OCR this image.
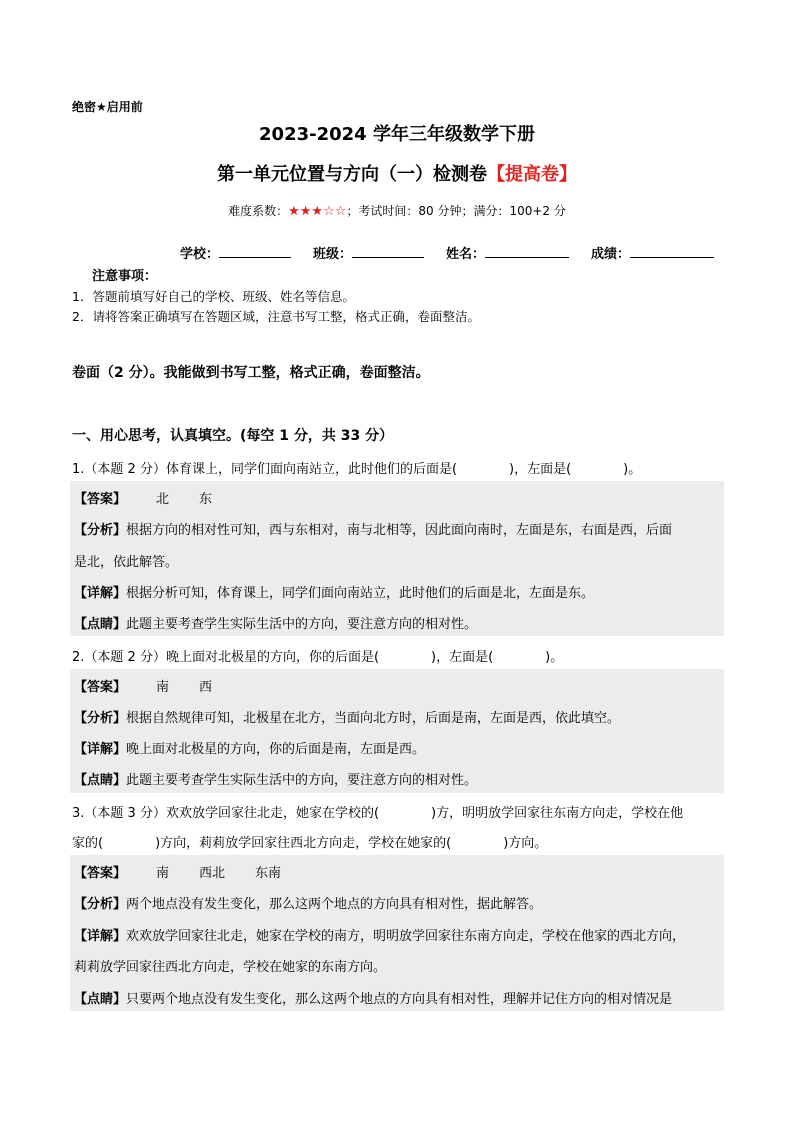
绝密★启用前
2023-2024 学年三年级数学下册
第一单元位置与方向（一）检测卷【提高卷】
难度系数：★★★☆☆；考试时间：80 分钟；满分：100+2 分
学校：	班级：	姓名：	成绩：
注意事项：
1．答题前填写好自己的学校、班级、姓名等信息。
2．请将答案正确填写在答题区域，注意书写工整，格式正确，卷面整洁。
卷面（2 分）。我能做到书写工整，格式正确，卷面整洁。
一、用心思考，认真填空。(每空 1 分，共 33 分）
1.（本题 2 分）体育课上，同学们面向南站立，此时他们的后面是(　　　　)，左面是(　　　　)。
【答案】 北 东
【分析】根据方向的相对性可知，西与东相对，南与北相等，因此面向南时，左面是东，右面是西，后面
是北，依此解答。
【详解】根据分析可知，体育课上，同学们面向南站立，此时他们的后面是北，左面是东。
【点睛】此题主要考查学生实际生活中的方向，要注意方向的相对性。
2.（本题 2 分）晚上面对北极星的方向，你的后面是(　　　　)，左面是(　　　　)。
【答案】 南 西
【分析】根据自然规律可知，北极星在北方，当面向北方时，后面是南，左面是西，依此填空。
【详解】晚上面对北极星的方向，你的后面是南，左面是西。
【点睛】此题主要考查学生实际生活中的方向，要注意方向的相对性。
3.（本题 3 分）欢欢放学回家往北走，她家在学校的(　　　　)方，明明放学回家往东南方向走，学校在他
家的(　　　　)方向，莉莉放学回家往西北方向走，学校在她家的(　　　　)方向。
【答案】 南 西北 东南
【分析】两个地点没有发生变化，那么这两个地点的方向具有相对性，据此解答。
【详解】欢欢放学回家往北走，她家在学校的南方，明明放学回家往东南方向走，学校在他家的西北方向，
莉莉放学回家往西北方向走，学校在她家的东南方向。
【点睛】只要两个地点没有发生变化，那么这两个地点的方向具有相对性，理解并记住方向的相对情况是
